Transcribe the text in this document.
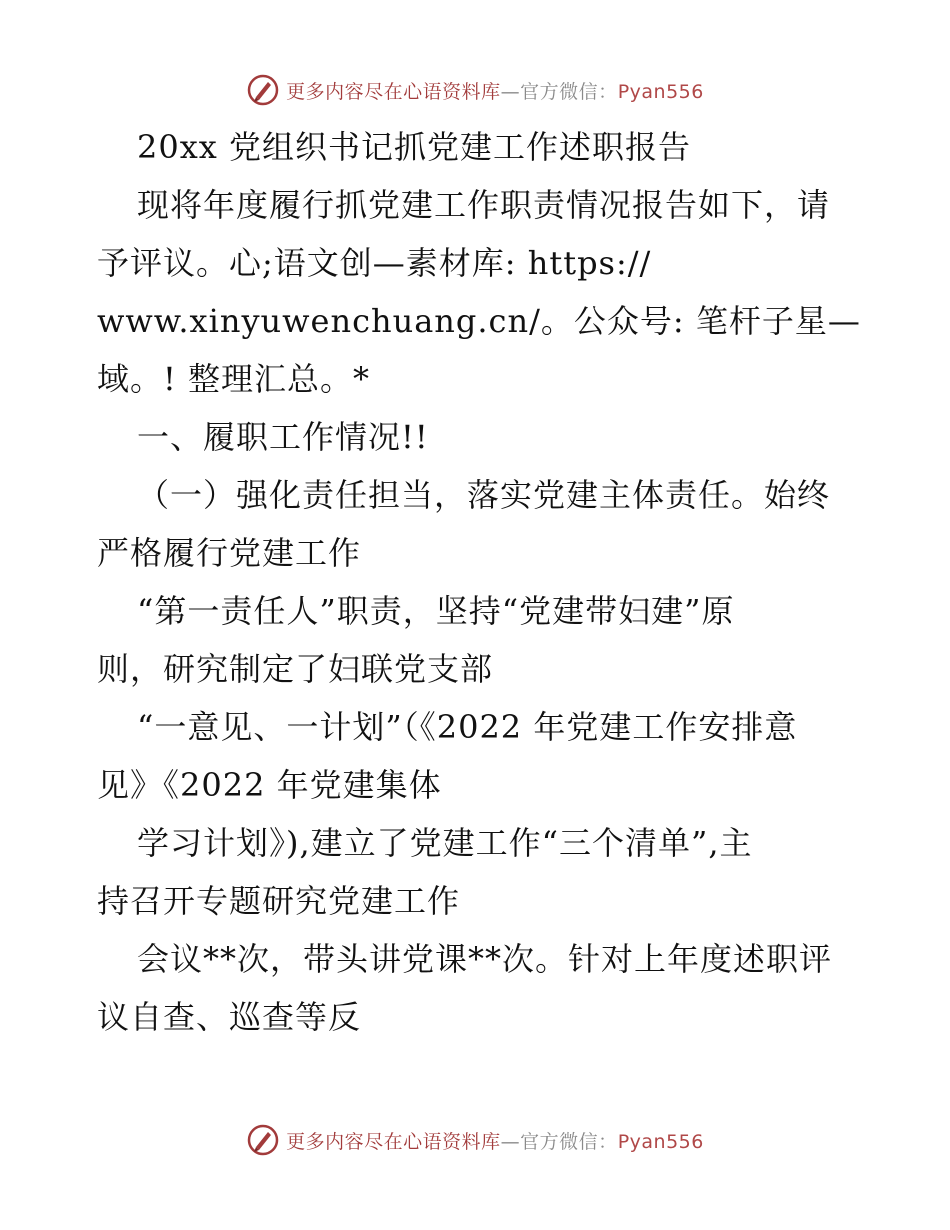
更多内容尽在心语资料库—官方微信：Pyan556
20xx 党组织书记抓党建工作述职报告
现将年度履行抓党建工作职责情况报告如下，请
予评议。心;语文创—素材库: https://
www.xinyuwenchuang.cn/。公众号: 笔杆子星—
域。! 整理汇总。*
一、履职工作情况!!
（一）强化责任担当，落实党建主体责任。始终
严格履行党建工作
“第一责任人”职责，坚持“党建带妇建”原
则，研究制定了妇联党支部
“一意见、一计划”（《2022 年党建工作安排意
见》《2022 年党建集体
学习计划》),建立了党建工作“三个清单”,主
持召开专题研究党建工作
会议**次，带头讲党课**次。针对上年度述职评
议自查、巡查等反
更多内容尽在心语资料库—官方微信：Pyan556
